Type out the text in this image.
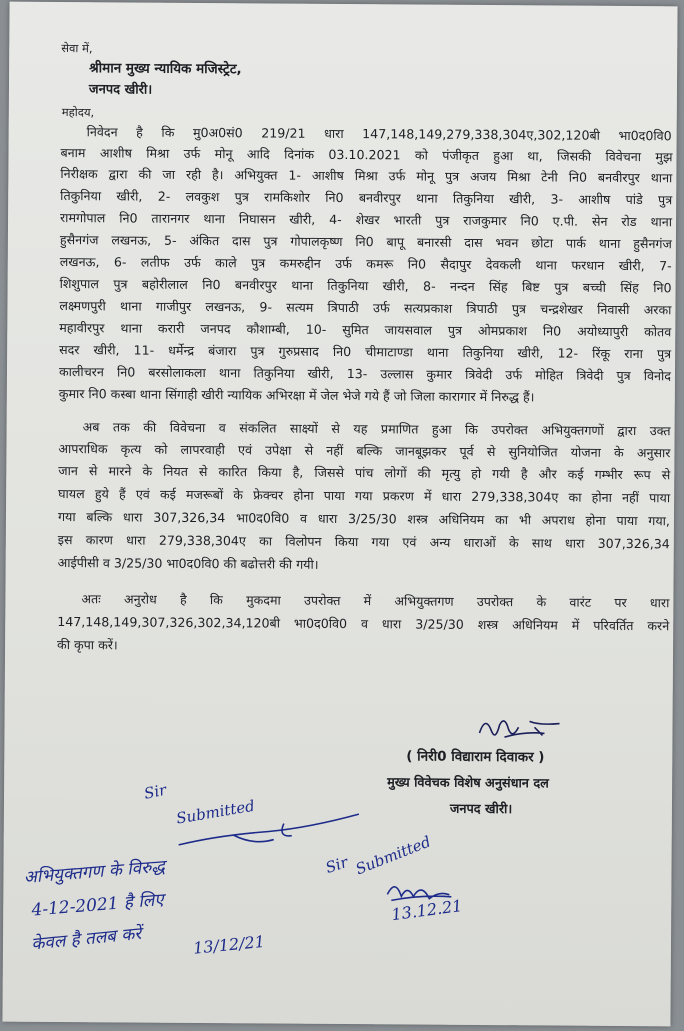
सेवा में,
श्रीमान मुख्य न्यायिक मजिस्ट्रेट,
जनपद खीरी।
महोदय,
निवेदन है कि मु0अ0सं0 219/21 धारा 147,148,149,279,338,304ए,302,120बी भा0द0वि0
बनाम आशीष मिश्रा उर्फ मोनू आदि दिनांक 03.10.2021 को पंजीकृत हुआ था, जिसकी विवेचना मुझ
निरीक्षक द्वारा की जा रही है। अभियुक्त 1- आशीष मिश्रा उर्फ मोनू पुत्र अजय मिश्रा टेनी नि0 बनवीरपुर थाना
तिकुनिया खीरी, 2- लवकुश पुत्र रामकिशोर नि0 बनवीरपुर थाना तिकुनिया खीरी, 3- आशीष पांडे पुत्र
रामगोपाल नि0 तारानगर थाना निघासन खीरी, 4- शेखर भारती पुत्र राजकुमार नि0 ए.पी. सेन रोड थाना
हुसैनगंज लखनऊ, 5- अंकित दास पुत्र गोपालकृष्ण नि0 बापू बनारसी दास भवन छोटा पार्क थाना हुसैनगंज
लखनऊ, 6- लतीफ उर्फ काले पुत्र कमरुद्दीन उर्फ कमरू नि0 सैदापुर देवकली थाना फरधान खीरी, 7-
शिशुपाल पुत्र बहोरीलाल नि0 बनवीरपुर थाना तिकुनिया खीरी, 8- नन्दन सिंह बिष्ट पुत्र बच्ची सिंह नि0
लक्ष्मणपुरी थाना गाजीपुर लखनऊ, 9- सत्यम त्रिपाठी उर्फ सत्यप्रकाश त्रिपाठी पुत्र चन्द्रशेखर निवासी अरका
महावीरपुर थाना करारी जनपद कौशाम्बी, 10- सुमित जायसवाल पुत्र ओमप्रकाश नि0 अयोध्यापुरी कोतव
सदर खीरी, 11- धर्मेन्द्र बंजारा पुत्र गुरुप्रसाद नि0 चीमाटाण्डा थाना तिकुनिया खीरी, 12- रिंकू राना पुत्र
कालीचरन नि0 बरसोलाकला थाना तिकुनिया खीरी, 13- उल्लास कुमार त्रिवेदी उर्फ मोहित त्रिवेदी पुत्र विनोद
कुमार नि0 कस्बा थाना सिंगाही खीरी न्यायिक अभिरक्षा में जेल भेजे गये हैं जो जिला कारागार में निरुद्ध हैं।
अब तक की विवेचना व संकलित साक्ष्यों से यह प्रमाणित हुआ कि उपरोक्त अभियुक्तगणों द्वारा उक्त
आपराधिक कृत्य को लापरवाही एवं उपेक्षा से नहीं बल्कि जानबूझकर पूर्व से सुनियोजित योजना के अनुसार
जान से मारने के नियत से कारित किया है, जिससे पांच लोगों की मृत्यु हो गयी है और कई गम्भीर रूप से
घायल हुये हैं एवं कई मजरूबों के फ्रेक्चर होना पाया गया प्रकरण में धारा 279,338,304ए का होना नहीं पाया
गया बल्कि धारा 307,326,34 भा0द0वि0 व धारा 3/25/30 शस्त्र अधिनियम का भी अपराध होना पाया गया,
इस कारण धारा 279,338,304ए का विलोपन किया गया एवं अन्य धाराओं के साथ धारा 307,326,34
आईपीसी व 3/25/30 भा0द0वि0 की बढोत्तरी की गयी।
अतः अनुरोध है कि मुकदमा उपरोक्त में अभियुक्तगण उपरोक्त के वारंट पर धारा
147,148,149,307,326,302,34,120बी भा0द0वि0 व धारा 3/25/30 शस्त्र अधिनियम में परिवर्तित करने
की कृपा करें।
( निरी0 विद्याराम दिवाकर )
मुख्य विवेचक विशेष अनुसंधान दल
जनपद खीरी।
Sir
Submitted
अभियुक्तगण के विरुद्ध
4-12-2021 है लिए
केवल है तलब करें	13/12/21
Sir Submitted
13.12.21
